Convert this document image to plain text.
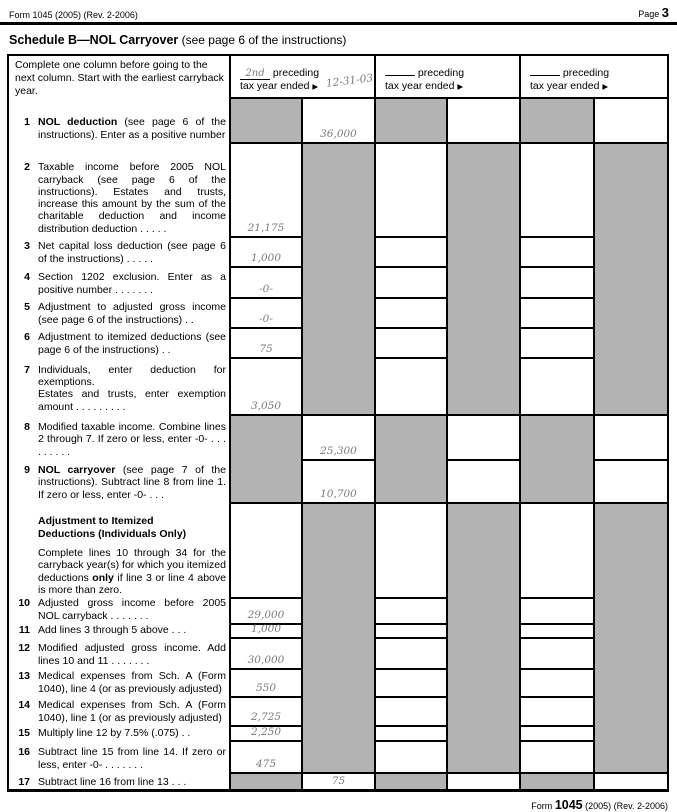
Form 1045 (2005) (Rev. 2-2006)	Page 3
Schedule B—NOL Carryover (see page 6 of the instructions)
Complete one column before going to the next column. Start with the earliest carryback year.
1 NOL deduction (see page 6 of the instructions). Enter as a positive number
2 Taxable income before 2005 NOL carryback (see page 6 of the instructions). Estates and trusts, increase this amount by the sum of the charitable deduction and income distribution deduction . . . . .
3 Net capital loss deduction (see page 6 of the instructions) . . . . .
4 Section 1202 exclusion. Enter as a positive number . . . . . . .
5 Adjustment to adjusted gross income (see page 6 of the instructions) . .
6 Adjustment to itemized deductions (see page 6 of the instructions) . .
7 Individuals, enter deduction for exemptions.
Estates and trusts, enter exemption amount . . . . . . . . .
8 Modified taxable income. Combine lines 2 through 7. If zero or less, enter -0- . . . . . . . . .
9 NOL carryover (see page 7 of the instructions). Subtract line 8 from line 1. If zero or less, enter -0- . . .
Adjustment to Itemized Deductions (Individuals Only)
Complete lines 10 through 34 for the carryback year(s) for which you itemized deductions only if line 3 or line 4 above is more than zero.
10 Adjusted gross income before 2005 NOL carryback . . . . . . .
11 Add lines 3 through 5 above . . .
12 Modified adjusted gross income. Add lines 10 and 11 . . . . . . .
13 Medical expenses from Sch. A (Form 1040), line 4 (or as previously adjusted)
14 Medical expenses from Sch. A (Form 1040), line 1 (or as previously adjusted)
15 Multiply line 12 by 7.5% (.075) . .
16 Subtract line 15 from line 14. If zero or less, enter -0- . . . . . . .
17 Subtract line 16 from line 13 . . .
2nd preceding
tax year ended ▶ 12-31-03
36,000
21,175
1,000
-0-
-0-
75
3,050
25,300
10,700
29,000
1,000
30,000
550
2,725
2,250
475
75
preceding
tax year ended ▶
preceding
tax year ended ▶
Form 1045 (2005) (Rev. 2-2006)
